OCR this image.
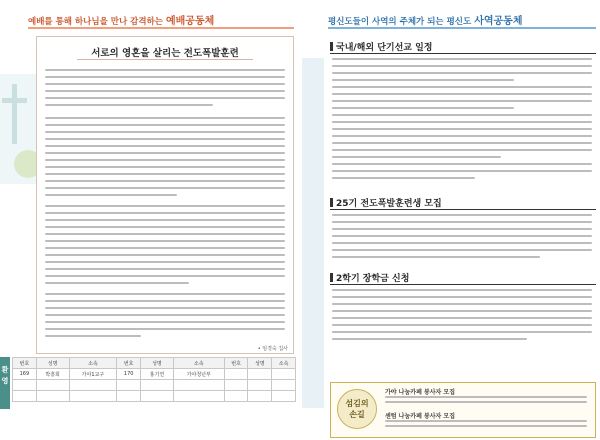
예배를 통해 하나님을 만나 감격하는 예배공동체
서로의 영혼을 살리는 전도폭발훈련
• 임경숙 집사
환영
번호	성명	소속	번호	성명	소속	번호	성명	소속
169	박흥희	가야1교구	170	홍기연	가야청년부			

평신도들이 사역의 주체가 되는 평신도 사역공동체
국내/해외 단기선교 일정
25기 전도폭발훈련생 모집
2학기 장학금 신청
섬김의
손길
가야 나눔카페 봉사자 모집
센텀 나눔카페 봉사자 모집
